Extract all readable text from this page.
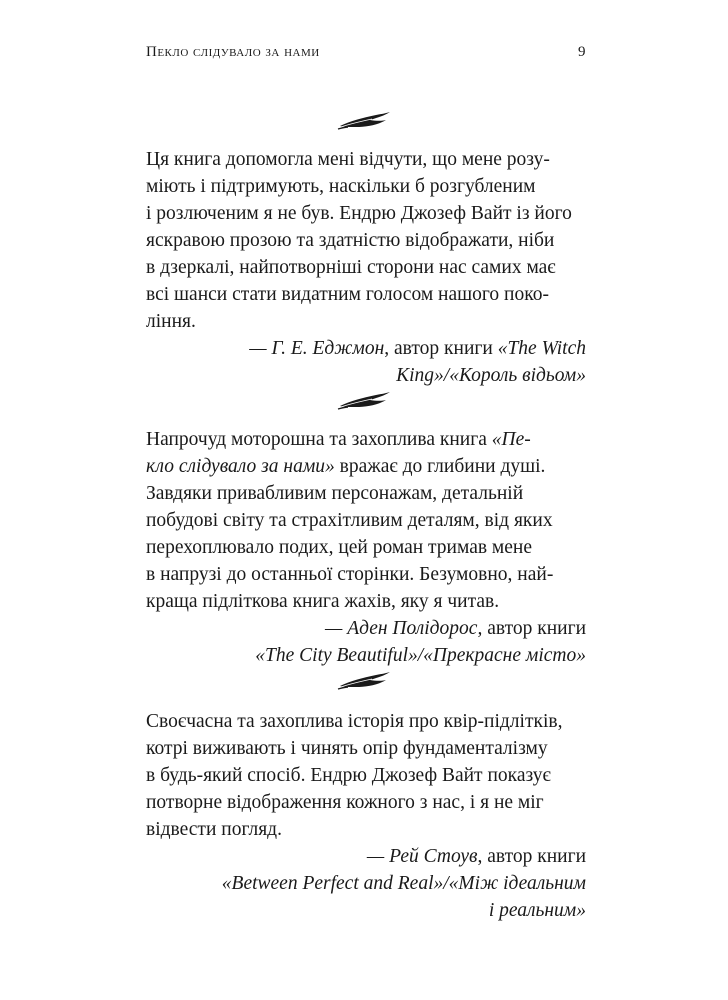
Пекло слідувало за нами	9

Ця книга допомогла мені відчути, що мене розу-
міють і підтримують, наскільки б розгубленим
і розлюченим я не був. Ендрю Джозеф Вайт із його
яскравою прозою та здатністю відображати, ніби
в дзеркалі, найпотворніші сторони нас самих має
всі шанси стати видатним голосом нашого поко-
ління.

— Г. Е. Еджмон, автор книги «The Witch
King»/«Король відьом»

Напрочуд моторошна та захоплива книга «Пе-
кло слідувало за нами» вражає до глибини душі.
Завдяки привабливим персонажам, детальній
побудові світу та страхітливим деталям, від яких
перехоплювало подих, цей роман тримав мене
в напрузі до останньої сторінки. Безумовно, най-
краща підліткова книга жахів, яку я читав.

— Аден Полідорос, автор книги
«The City Beautiful»/«Прекрасне місто»

Своєчасна та захоплива історія про квір-підлітків,
котрі виживають і чинять опір фундаменталізму
в будь-який спосіб. Ендрю Джозеф Вайт показує
потворне відображення кожного з нас, і я не міг
відвести погляд.

— Рей Стоув, автор книги
«Between Perfect and Real»/«Між ідеальним
і реальним»
